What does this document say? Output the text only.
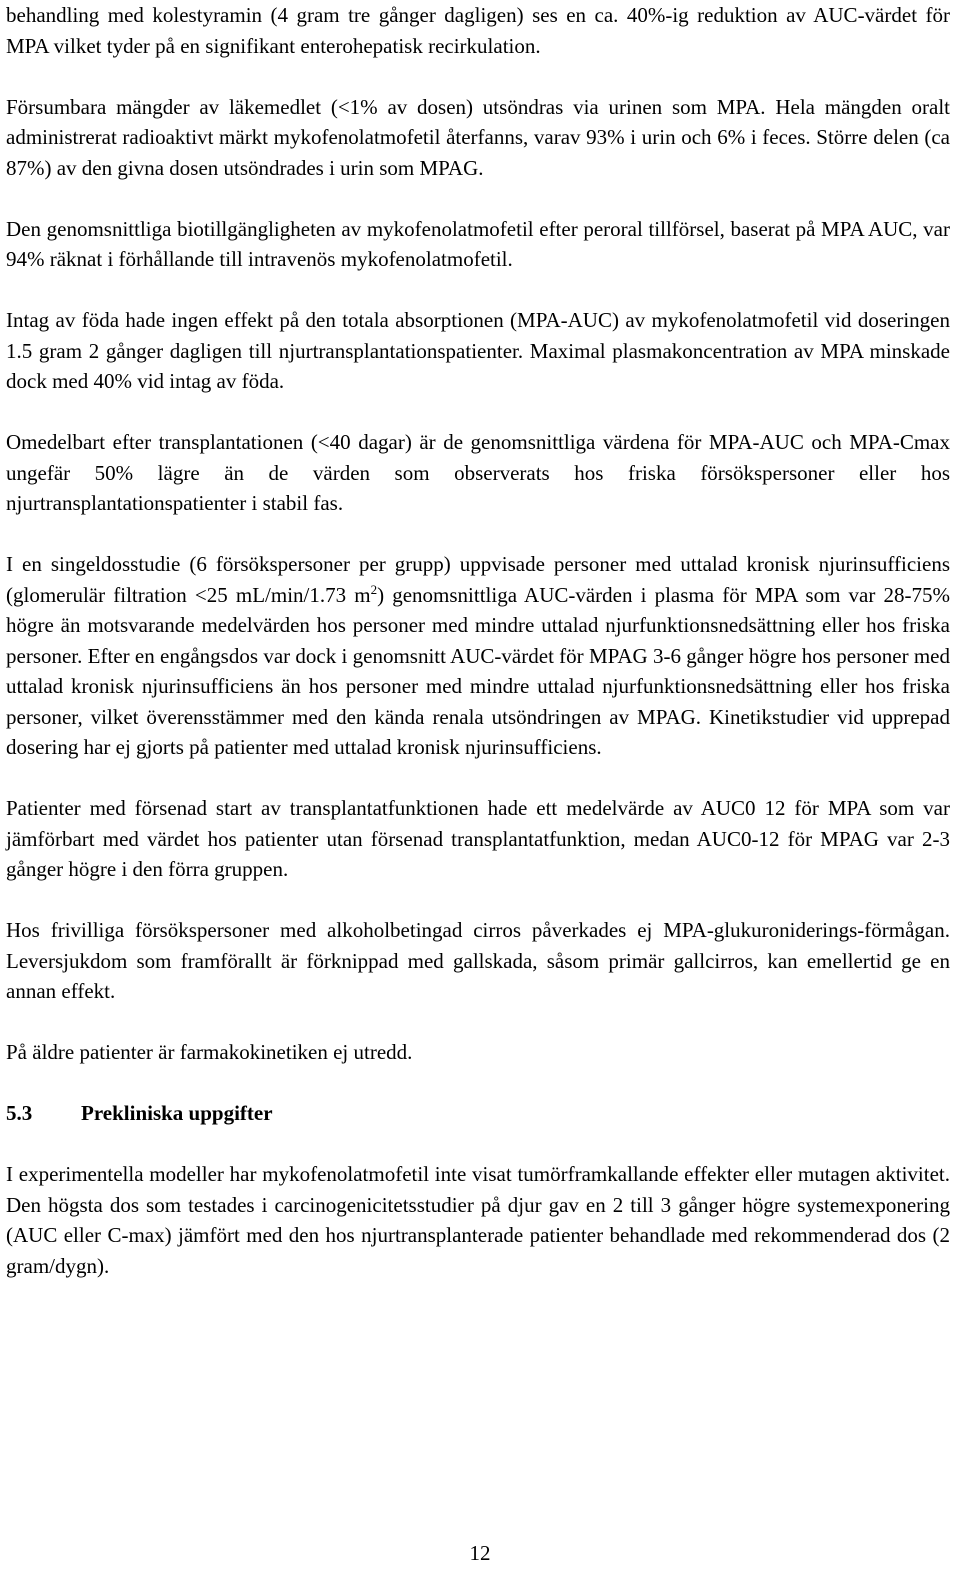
behandling med kolestyramin (4 gram tre gånger dagligen) ses en ca. 40%-ig reduktion av AUC-värdet för MPA vilket tyder på en signifikant enterohepatisk recirkulation.

Försumbara mängder av läkemedlet (<1% av dosen) utsöndras via urinen som MPA. Hela mängden oralt administrerat radioaktivt märkt mykofenolatmofetil återfanns, varav 93% i urin och 6% i feces. Större delen (ca 87%) av den givna dosen utsöndrades i urin som MPAG.

Den genomsnittliga biotillgängligheten av mykofenolatmofetil efter peroral tillförsel, baserat på MPA AUC, var 94% räknat i förhållande till intravenös mykofenolatmofetil.

Intag av föda hade ingen effekt på den totala absorptionen (MPA-AUC) av mykofenolatmofetil vid doseringen 1.5 gram 2 gånger dagligen till njurtransplantationspatienter. Maximal plasmakoncentration av MPA minskade dock med 40% vid intag av föda.

Omedelbart efter transplantationen (<40 dagar) är de genomsnittliga värdena för MPA-AUC och MPA-Cmax ungefär 50% lägre än de värden som observerats hos friska försökspersoner eller hos njurtransplantationspatienter i stabil fas.

I en singeldosstudie (6 försökspersoner per grupp) uppvisade personer med uttalad kronisk njurinsufficiens (glomerulär filtration <25 mL/min/1.73 $m^2$) genomsnittliga AUC-värden i plasma för MPA som var 28-75% högre än motsvarande medelvärden hos personer med mindre uttalad njurfunktionsnedsättning eller hos friska personer. Efter en engångsdos var dock i genomsnitt AUC-värdet för MPAG 3-6 gånger högre hos personer med uttalad kronisk njurinsufficiens än hos personer med mindre uttalad njurfunktionsnedsättning eller hos friska personer, vilket överensstämmer med den kända renala utsöndringen av MPAG. Kinetikstudier vid upprepad dosering har ej gjorts på patienter med uttalad kronisk njurinsufficiens.

Patienter med försenad start av transplantatfunktionen hade ett medelvärde av AUC0 12 för MPA som var jämförbart med värdet hos patienter utan försenad transplantatfunktion, medan AUC0-12 för MPAG var 2-3 gånger högre i den förra gruppen.

Hos frivilliga försökspersoner med alkoholbetingad cirros påverkades ej MPA-glukuroniderings-förmågan. Leversjukdom som framförallt är förknippad med gallskada, såsom primär gallcirros, kan emellertid ge en annan effekt.

På äldre patienter är farmakokinetiken ej utredd.

5.3 Prekliniska uppgifter

I experimentella modeller har mykofenolatmofetil inte visat tumörframkallande effekter eller mutagen aktivitet. Den högsta dos som testades i carcinogenicitetsstudier på djur gav en 2 till 3 gånger högre systemexponering (AUC eller C-max) jämfört med den hos njurtransplanterade patienter behandlade med rekommenderad dos (2 gram/dygn).

12
